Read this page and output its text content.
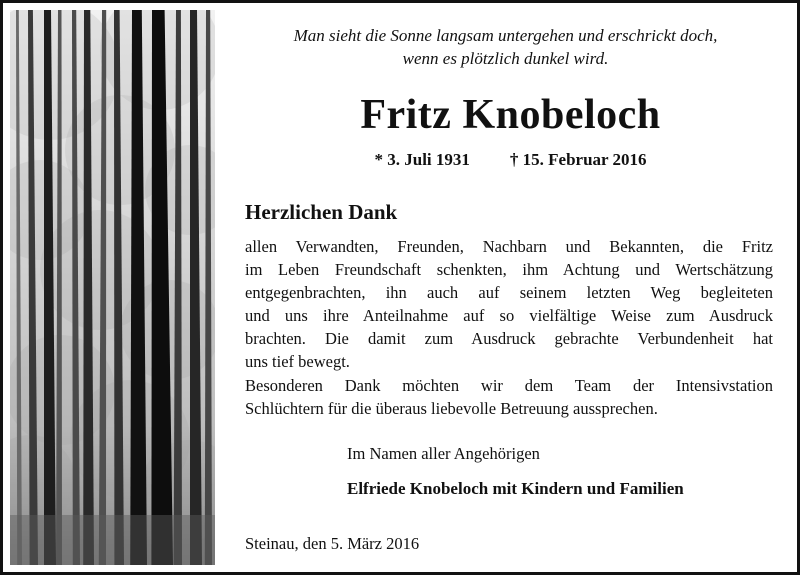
Man sieht die Sonne langsam untergehen und erschrickt doch,
wenn es plötzlich dunkel wird.
Fritz Knobeloch
* 3. Juli 1931 † 15. Februar 2016
Herzlichen Dank
allen Verwandten, Freunden, Nachbarn und Bekannten, die Fritz
im Leben Freundschaft schenkten, ihm Achtung und Wertschätzung
entgegenbrachten, ihn auch auf seinem letzten Weg begleiteten
und uns ihre Anteilnahme auf so vielfältige Weise zum Ausdruck
brachten. Die damit zum Ausdruck gebrachte Verbundenheit hat
uns tief bewegt.
Besonderen Dank möchten wir dem Team der Intensivstation
Schlüchtern für die überaus liebevolle Betreuung aussprechen.
Im Namen aller Angehörigen
Elfriede Knobeloch mit Kindern und Familien
Steinau, den 5. März 2016
